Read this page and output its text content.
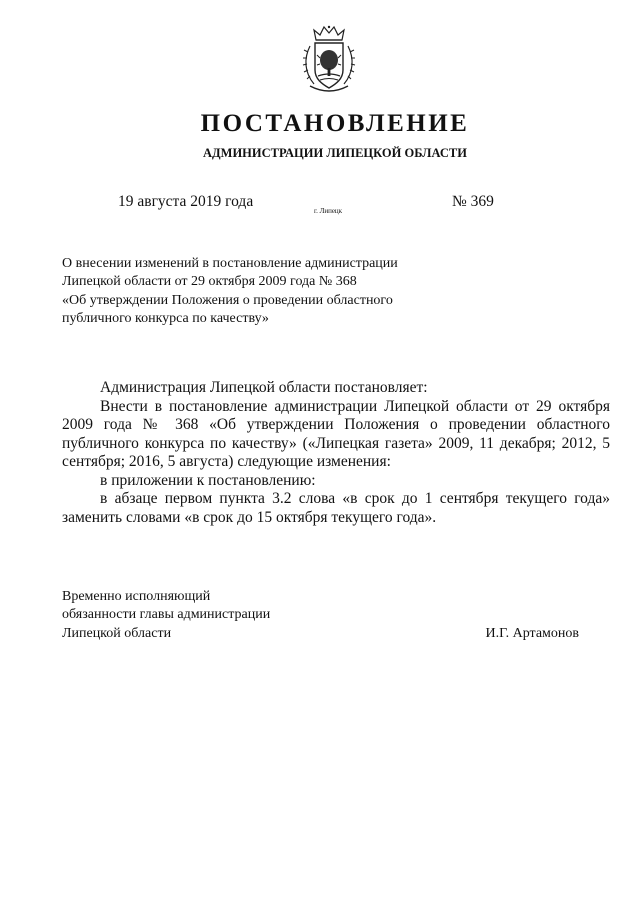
ПОСТАНОВЛЕНИЕ
АДМИНИСТРАЦИИ ЛИПЕЦКОЙ ОБЛАСТИ
19 августа 2019 года
г. Липецк
№ 369
О внесении изменений в постановление администрации
Липецкой области от 29 октября 2009 года № 368
«Об утверждении Положения о проведении областного
публичного конкурса по качеству»
Администрация Липецкой области постановляет:
Внести в постановление администрации Липецкой области от 29 октября 2009 года № 368 «Об утверждении Положения о проведении областного публичного конкурса по качеству» («Липецкая газета» 2009, 11 декабря; 2012, 5 сентября; 2016, 5 августа) следующие изменения:
в приложении к постановлению:
в абзаце первом пункта 3.2 слова «в срок до 1 сентября текущего года» заменить словами «в срок до 15 октября текущего года».
Временно исполняющий
обязанности главы администрации
Липецкой области	И.Г. Артамонов
